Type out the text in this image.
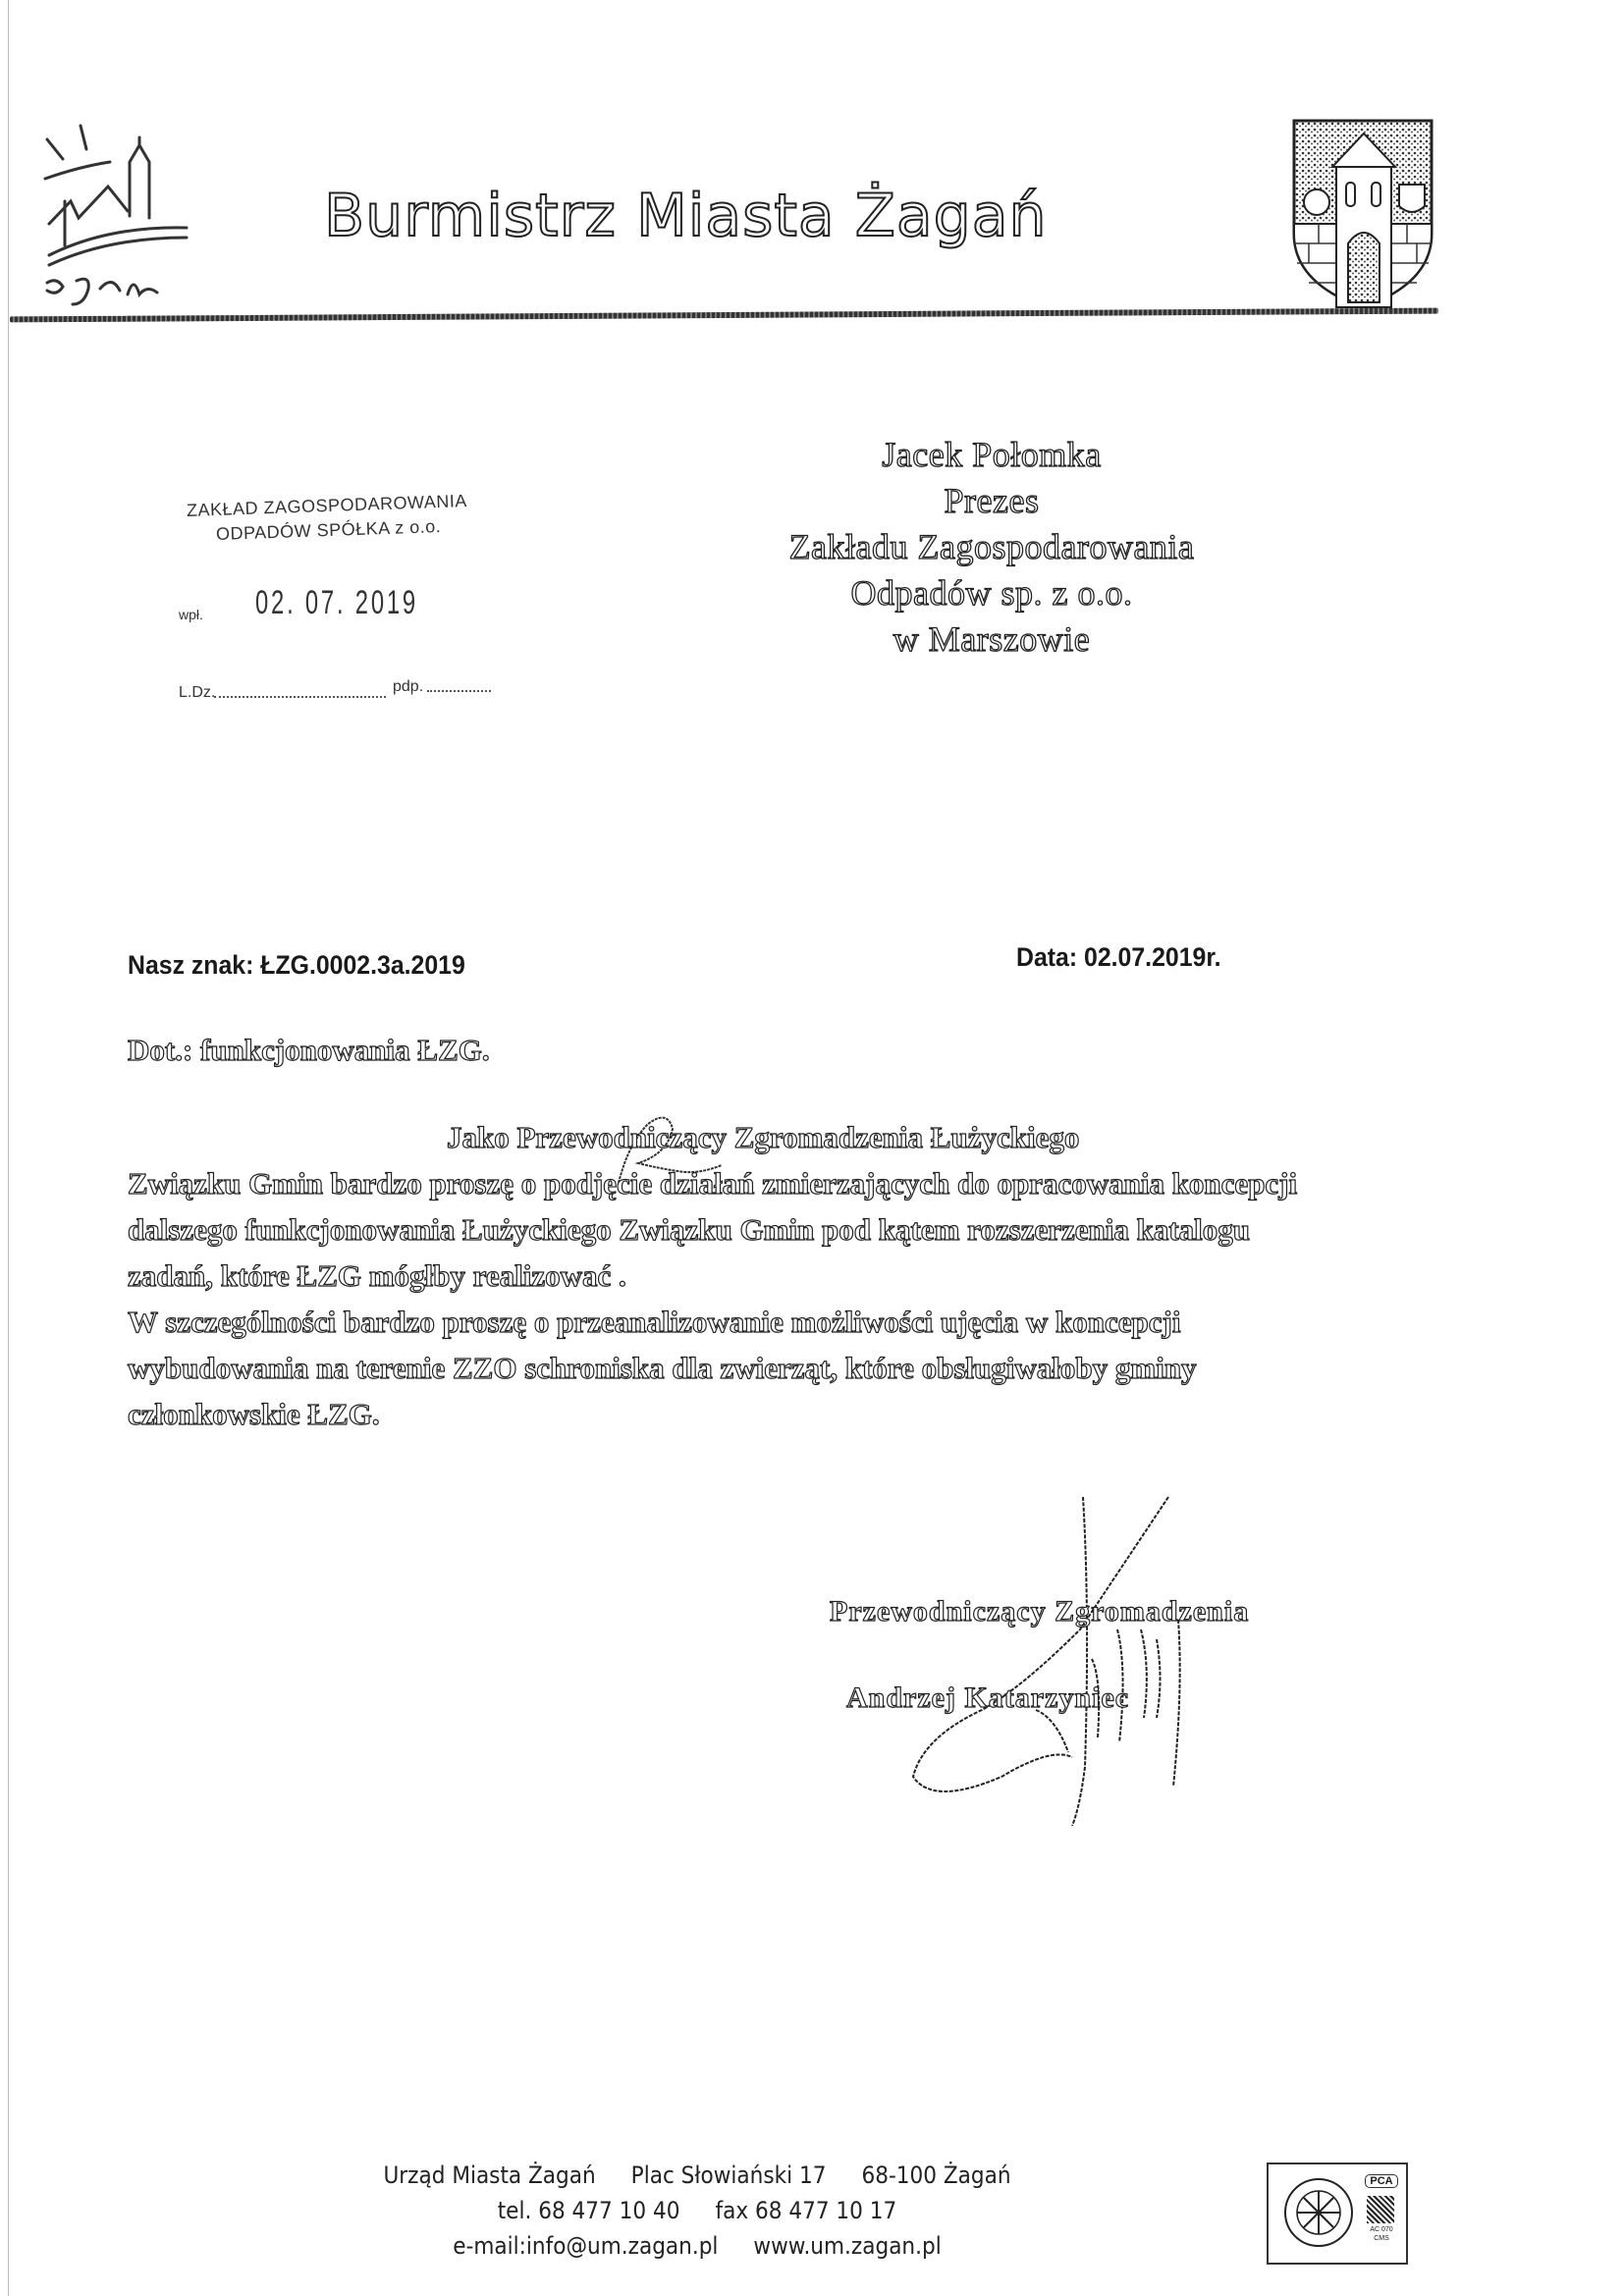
Burmistrz Miasta Żagań
ZAKŁAD ZAGOSPODAROWANIA
ODPADÓW SPÓŁKA z o.o.
wpł. 02. 07. 2019
L.Dz.	pdp.
Jacek Połomka
Prezes
Zakładu Zagospodarowania
Odpadów sp. z o.o.
w Marszowie
Nasz znak: ŁZG.0002.3a.2019	Data: 02.07.2019r.
Dot.: funkcjonowania ŁZG.

Jako Przewodniczący Zgromadzenia Łużyckiego

Związku Gmin bardzo proszę o podjęcie działań zmierzających do opracowania koncepcji dalszego funkcjonowania Łużyckiego Związku Gmin pod kątem rozszerzenia katalogu zadań, które ŁZG mógłby realizować .

W szczególności bardzo proszę o przeanalizowanie możliwości ujęcia w koncepcji wybudowania na terenie ZZO schroniska dla zwierząt, które obsługiwałoby gminy członkowskie ŁZG.

Przewodniczący Zgromadzenia
Andrzej Katarzyniec
Urząd Miasta Żagań Plac Słowiański 17 68-100 Żagań
tel. 68 477 10 40 fax 68 477 10 17
e-mail:info@um.zagan.pl www.um.zagan.pl
PCA
AC 070
CMS
